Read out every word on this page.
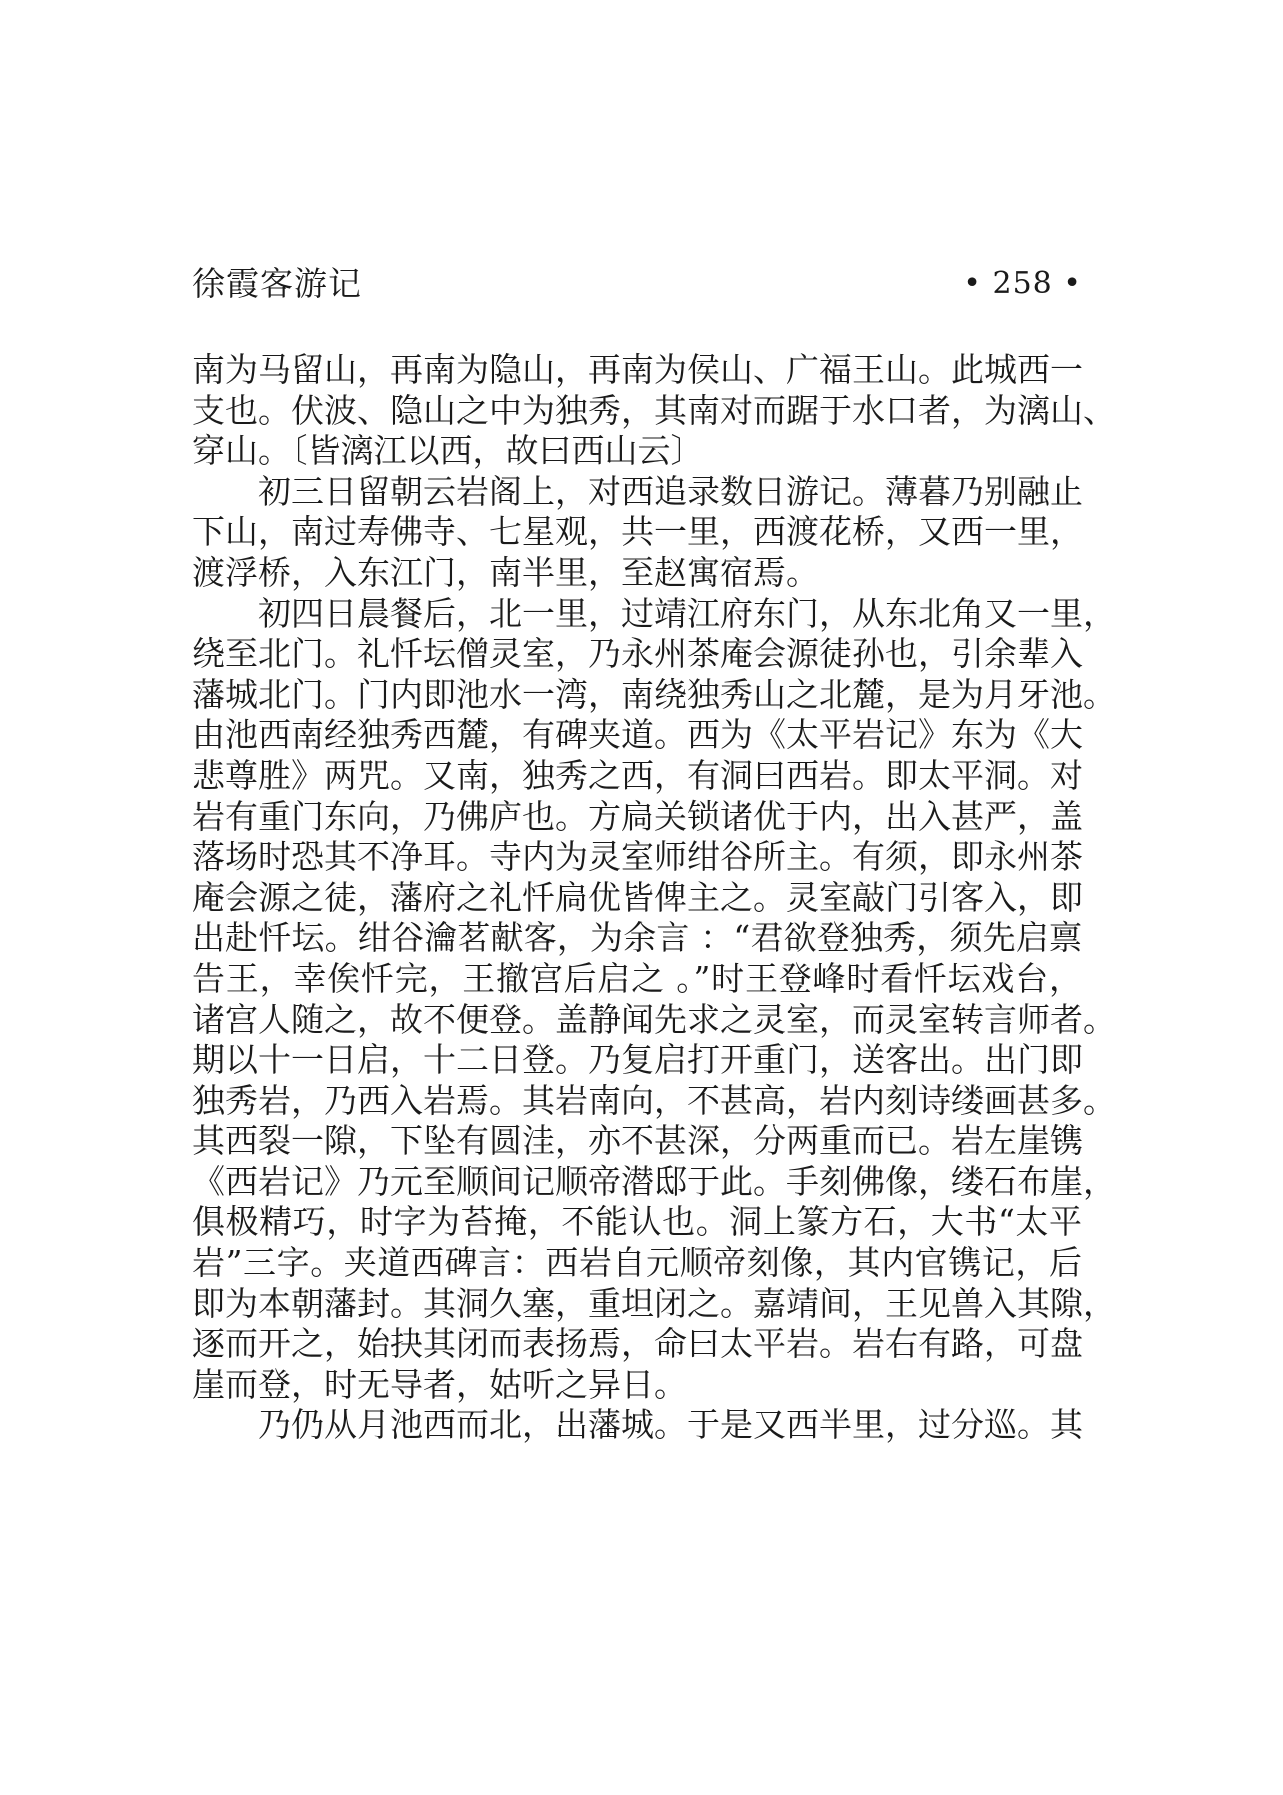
徐霞客游记	• 258 •
南为马留山，再南为隐山，再南为侯山、广福王山。此城西一
支也。伏波、隐山之中为独秀，其南对而踞于水口者，为漓山、
穿山。〔皆漓江以西，故曰西山云〕
初三日留朝云岩阁上，对西追录数日游记。薄暮乃别融止
下山，南过寿佛寺、七星观，共一里，西渡花桥，又西一里，
渡浮桥，入东江门，南半里，至赵寓宿焉。
初四日晨餐后，北一里，过靖江府东门，从东北角又一里，
绕至北门。礼忏坛僧灵室，乃永州茶庵会源徒孙也，引余辈入
藩城北门。门内即池水一湾，南绕独秀山之北麓，是为月牙池。
由池西南经独秀西麓，有碑夹道。西为《太平岩记》东为《大
悲尊胜》两咒。又南，独秀之西，有洞曰西岩。即太平洞。对
岩有重门东向，乃佛庐也。方扃关锁诸优于内，出入甚严，盖
落场时恐其不净耳。寺内为灵室师绀谷所主。有须，即永州茶
庵会源之徒，藩府之礼忏扃优皆俾主之。灵室敲门引客入，即
出赴忏坛。绀谷瀹茗献客，为余言 ：“君欲登独秀，须先启禀
告王，幸俟忏完，王撤宫后启之 。”时王登峰时看忏坛戏台，
诸宫人随之，故不便登。盖静闻先求之灵室，而灵室转言师者。
期以十一日启，十二日登。乃复启打开重门，送客出。出门即
独秀岩，乃西入岩焉。其岩南向，不甚高，岩内刻诗缕画甚多。
其西裂一隙，下坠有圆洼，亦不甚深，分两重而已。岩左崖镌
《西岩记》乃元至顺间记顺帝潜邸于此。手刻佛像，缕石布崖，
俱极精巧，时字为苔掩，不能认也。洞上篆方石，大书“太平
岩”三字。夹道西碑言：西岩自元顺帝刻像，其内官镌记，后
即为本朝藩封。其洞久塞，重坦闭之。嘉靖间，王见兽入其隙，
逐而开之，始抉其闭而表扬焉，命曰太平岩。岩右有路，可盘
崖而登，时无导者，姑听之异日。
乃仍从月池西而北，出藩城。于是又西半里，过分巡。其
